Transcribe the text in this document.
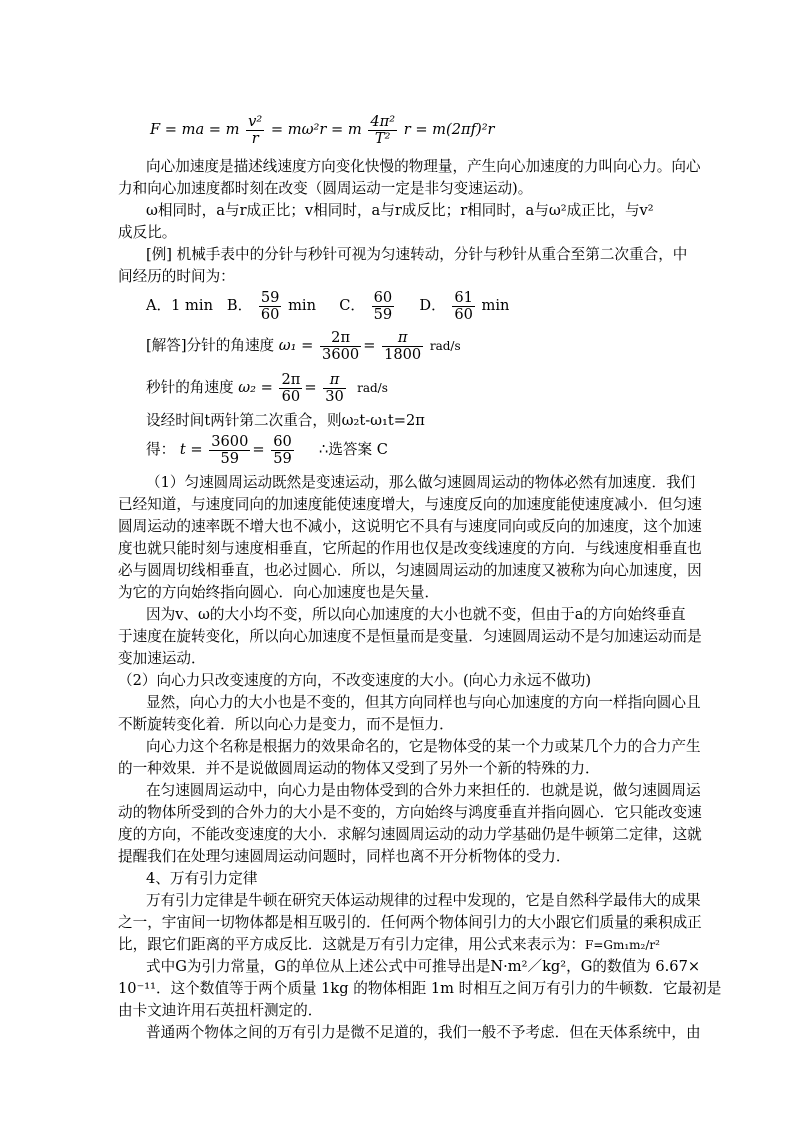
F = ma = m $\frac{\text{v²}}{r} = m\omega^2r = m \frac{\text{4π²}}{\text{T²}}$ r = m(2πf)²r
向心加速度是描述线速度方向变化快慢的物理量，产生向心加速度的力叫向心力。向心
力和向心加速度都时刻在改变（圆周运动一定是非匀变速运动)。
ω相同时，a与r成正比；v相同时，a与r成反比；r相同时，a与ω²成正比，与v²
成反比。
[例] 机械手表中的分针与秒针可视为匀速转动，分针与秒针从重合至第二次重合，中
间经历的时间为：
A．1 min B． $\frac{59}{60}$ min C． $\frac{60}{59}$ D． $\frac{61}{60}$ min
[解答]分针的角速度 $\omega_1 = \frac{2\pi}{3600} = \frac{\pi}{1800} rad/s$
秒针的角速度 $\omega_2 = \frac{2\pi}{60} = \frac{\pi}{30} rad/s$
设经时间t两针第二次重合，则ω₂t-ω₁t=2π
得： $t = \frac{3600}{59} = \frac{60}{59}$ ∴选答案 C
（1）匀速圆周运动既然是变速运动，那么做匀速圆周运动的物体必然有加速度．我们
已经知道，与速度同向的加速度能使速度增大，与速度反向的加速度能使速度减小．但匀速
圆周运动的速率既不增大也不减小，这说明它不具有与速度同向或反向的加速度，这个加速
度也就只能时刻与速度相垂直，它所起的作用也仅是改变线速度的方向．与线速度相垂直也
必与圆周切线相垂直，也必过圆心．所以，匀速圆周运动的加速度又被称为向心加速度，因
为它的方向始终指向圆心．向心加速度也是矢量．
因为v、ω的大小均不变，所以向心加速度的大小也就不变，但由于a的方向始终垂直
于速度在旋转变化，所以向心加速度不是恒量而是变量．匀速圆周运动不是匀加速运动而是
变加速运动．
（2）向心力只改变速度的方向，不改变速度的大小。(向心力永远不做功)
显然，向心力的大小也是不变的，但其方向同样也与向心加速度的方向一样指向圆心且
不断旋转变化着．所以向心力是变力，而不是恒力．
向心力这个名称是根据力的效果命名的，它是物体受的某一个力或某几个力的合力产生
的一种效果．并不是说做圆周运动的物体又受到了另外一个新的特殊的力．
在匀速圆周运动中，向心力是由物体受到的合外力来担任的．也就是说，做匀速圆周运
动的物体所受到的合外力的大小是不变的，方向始终与鸿度垂直并指向圆心．它只能改变速
度的方向，不能改变速度的大小．求解匀速圆周运动的动力学基础仍是牛顿第二定律，这就
提醒我们在处理匀速圆周运动问题时，同样也离不开分析物体的受力．
4、万有引力定律
万有引力定律是牛顿在研究天体运动规律的过程中发现的，它是自然科学最伟大的成果
之一，宇宙间一切物体都是相互吸引的．任何两个物体间引力的大小跟它们质量的乘积成正
比，跟它们距离的平方成反比．这就是万有引力定律，用公式来表示为：F=Gm₁m₂/r²
式中G为引力常量，G的单位从上述公式中可推导出是N·m²／kg²，G的数值为 6.67×
10⁻¹¹．这个数值等于两个质量 1kg 的物体相距 1m 时相互之间万有引力的牛顿数．它最初是
由卡文迪许用石英扭杆测定的．
普通两个物体之间的万有引力是微不足道的，我们一般不予考虑．但在天体系统中，由
